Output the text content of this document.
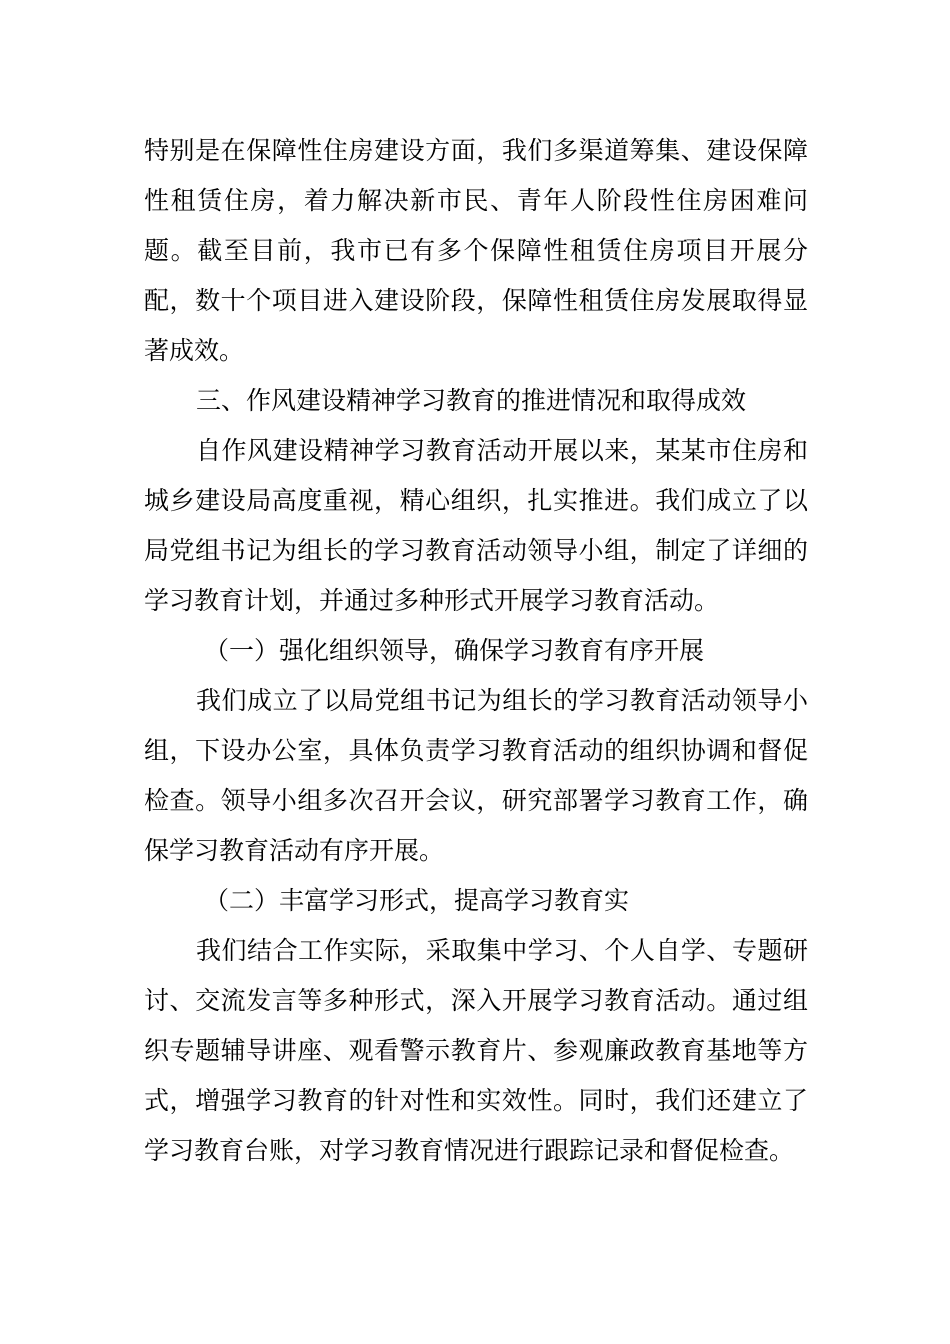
特别是在保障性住房建设方面，我们多渠道筹集、建设保障性租赁住房，着力解决新市民、青年人阶段性住房困难问题。截至目前，我市已有多个保障性租赁住房项目开展分配，数十个项目进入建设阶段，保障性租赁住房发展取得显著成效。

三、作风建设精神学习教育的推进情况和取得成效

自作风建设精神学习教育活动开展以来，某某市住房和城乡建设局高度重视，精心组织，扎实推进。我们成立了以局党组书记为组长的学习教育活动领导小组，制定了详细的学习教育计划，并通过多种形式开展学习教育活动。

（一）强化组织领导，确保学习教育有序开展

我们成立了以局党组书记为组长的学习教育活动领导小组，下设办公室，具体负责学习教育活动的组织协调和督促检查。领导小组多次召开会议，研究部署学习教育工作，确保学习教育活动有序开展。

（二）丰富学习形式，提高学习教育实

我们结合工作实际，采取集中学习、个人自学、专题研讨、交流发言等多种形式，深入开展学习教育活动。通过组织专题辅导讲座、观看警示教育片、参观廉政教育基地等方式，增强学习教育的针对性和实效性。同时，我们还建立了学习教育台账，对学习教育情况进行跟踪记录和督促检查。
